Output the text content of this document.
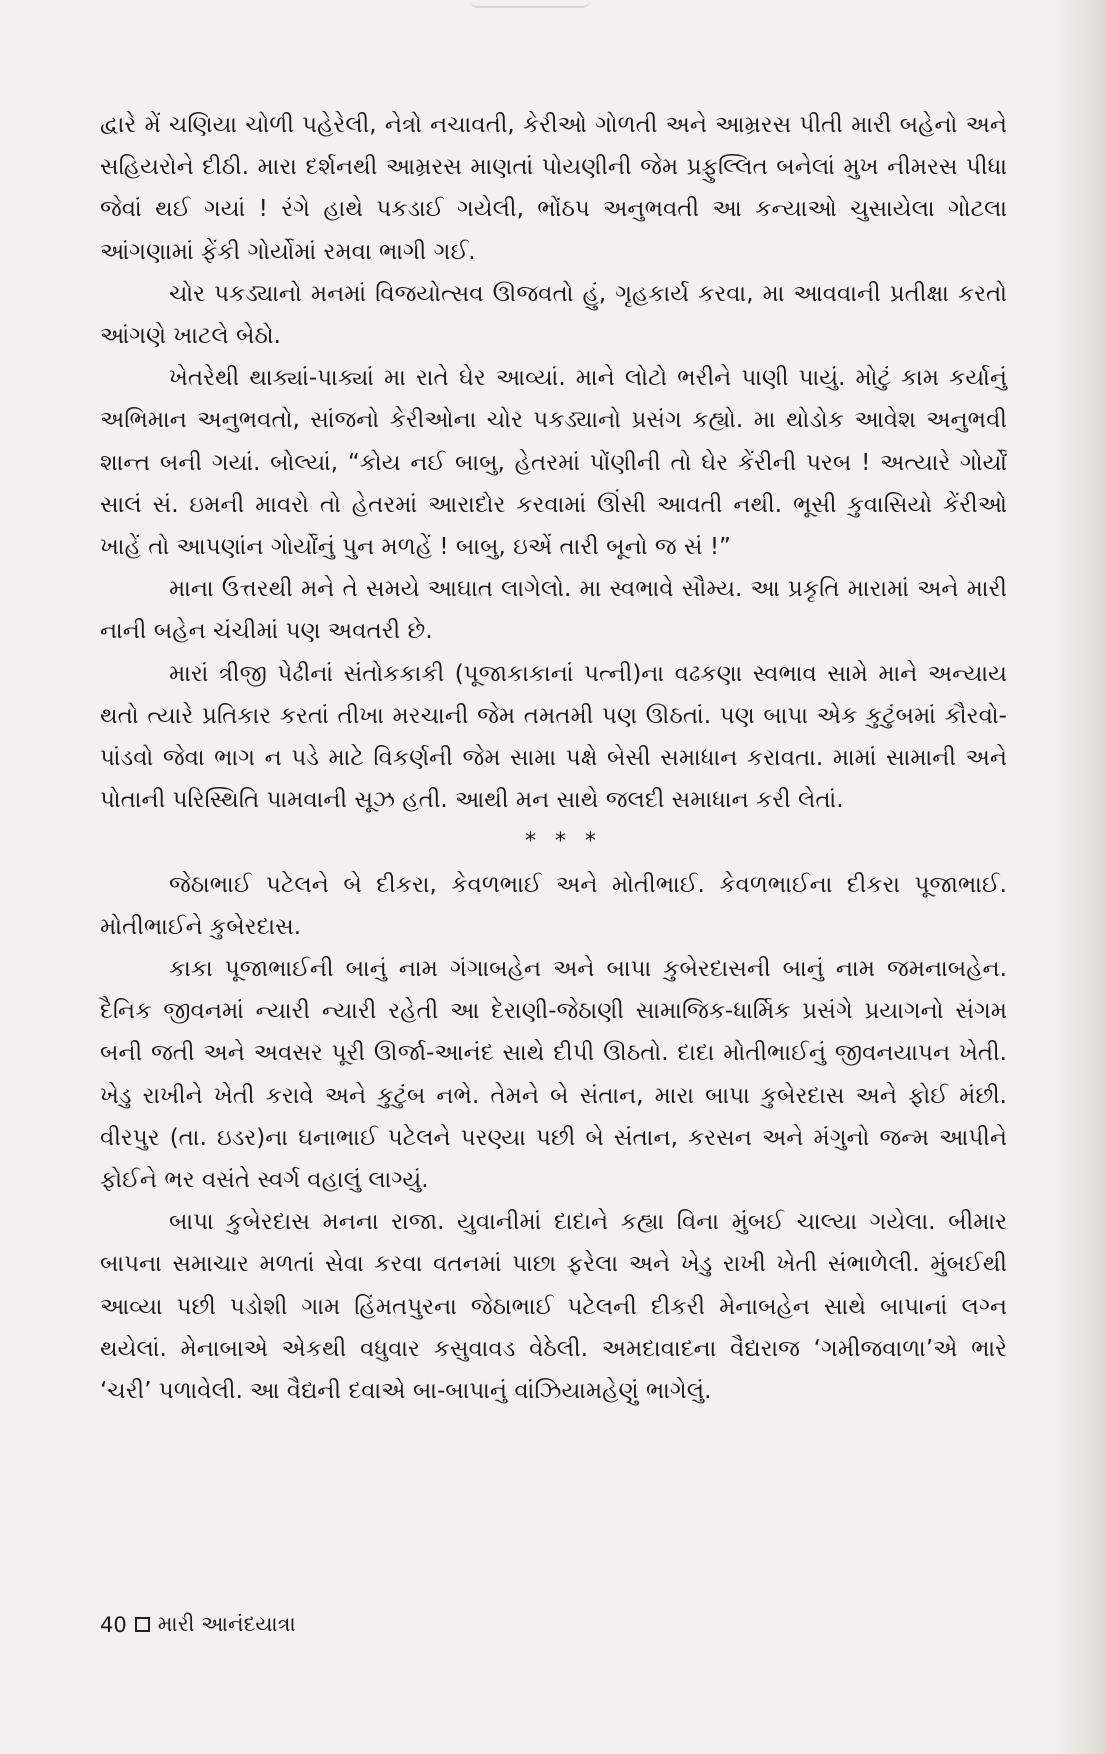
દ્વારે મેં ચણિયા ચોળી પહેરેલી, નેત્રો નચાવતી, કેરીઓ ગોળતી અને આમ્રરસ પીતી મારી બહેનો અને સહિયરોને દીઠી. મારા દર્શનથી આમ્રરસ માણતાં પોયણીની જેમ પ્રફુલ્લિત બનેલાં મુખ નીમરસ પીધા જેવાં થઈ ગયાં ! રંગે હાથે પકડાઈ ગયેલી, ભોંઠપ અનુભવતી આ કન્યાઓ ચુસાયેલા ગોટલા આંગણામાં ફેંકી ગોર્યોમાં રમવા ભાગી ગઈ.

ચોર પકડ્યાનો મનમાં વિજયોત્સવ ઊજવતો હું, ગૃહકાર્ય કરવા, મા આવવાની પ્રતીક્ષા કરતો આંગણે ખાટલે બેઠો.

ખેતરેથી થાક્યાં-પાક્યાં મા રાતે ઘેર આવ્યાં. માને લોટો ભરીને પાણી પાયું. મોટું કામ કર્યાનું અભિમાન અનુભવતો, સાંજનો કેરીઓના ચોર પકડ્યાનો પ્રસંગ કહ્યો. મા થોડોક આવેશ અનુભવી શાન્ત બની ગયાં. બોલ્યાં, “કોય નઈ બાબુ, હેતરમાં પોંણીની તો ઘેર કેંરીની પરબ ! અત્યારે ગોર્યોં સાલં સં. ઇમની માવરો તો હેતરમાં આરાદોર કરવામાં ઊંસી આવતી નથી. ભૂસી કુવાસિયો કેંરીઓ ખાહેં તો આપણાંન ગોર્યોંનું પુન મળહેં ! બાબુ, ઇએં તારી બૂનો જ સં !”

માના ઉત્તરથી મને તે સમયે આઘાત લાગેલો. મા સ્વભાવે સૌમ્ય. આ પ્રકૃતિ મારામાં અને મારી નાની બહેન ચંચીમાં પણ અવતરી છે.

મારાં ત્રીજી પેઢીનાં સંતોકકાકી (પૂજાકાકાનાં પત્ની)ના વઢકણા સ્વભાવ સામે માને અન્યાય થતો ત્યારે પ્રતિકાર કરતાં તીખા મરચાની જેમ તમતમી પણ ઊઠતાં. પણ બાપા એક કુટુંબમાં કૌરવો-પાંડવો જેવા ભાગ ન પડે માટે વિકર્ણની જેમ સામા પક્ષે બેસી સમાધાન કરાવતા. મામાં સામાની અને પોતાની પરિસ્થિતિ પામવાની સૂઝ હતી. આથી મન સાથે જલદી સમાધાન કરી લેતાં.

* * *

જેઠાભાઈ પટેલને બે દીકરા, કેવળભાઈ અને મોતીભાઈ. કેવળભાઈના દીકરા પૂજાભાઈ. મોતીભાઈને કુબેરદાસ.

કાકા પૂજાભાઈની બાનું નામ ગંગાબહેન અને બાપા કુબેરદાસની બાનું નામ જમનાબહેન. દૈનિક જીવનમાં ન્યારી ન્યારી રહેતી આ દેરાણી-જેઠાણી સામાજિક-ધાર્મિક પ્રસંગે પ્રયાગનો સંગમ બની જતી અને અવસર પૂરી ઊર્જા-આનંદ સાથે દીપી ઊઠતો. દાદા મોતીભાઈનું જીવનયાપન ખેતી. ખેડુ રાખીને ખેતી કરાવે અને કુટુંબ નભે. તેમને બે સંતાન, મારા બાપા કુબેરદાસ અને ફોઈ મંછી. વીરપુર (તા. ઇડર)ના ઘનાભાઈ પટેલને પરણ્યા પછી બે સંતાન, કરસન અને મંગુનો જન્મ આપીને ફોઈને ભર વસંતે સ્વર્ગ વહાલું લાગ્યું.

બાપા કુબેરદાસ મનના રાજા. યુવાનીમાં દાદાને કહ્યા વિના મુંબઈ ચાલ્યા ગયેલા. બીમાર બાપના સમાચાર મળતાં સેવા કરવા વતનમાં પાછા ફરેલા અને ખેડુ રાખી ખેતી સંભાળેલી. મુંબઈથી આવ્યા પછી પડોશી ગામ હિંમતપુરના જેઠાભાઈ પટેલની દીકરી મેનાબહેન સાથે બાપાનાં લગ્ન થયેલાં. મેનાબાએ એકથી વધુવાર કસુવાવડ વેઠેલી. અમદાવાદના વૈદ્યરાજ ‘ગમીજવાળા’એ ભારે ‘ચરી’ પળાવેલી. આ વૈદ્યની દવાએ બા-બાપાનું વાંઝિયામહેણું ભાગેલું.

40 મારી આનંદયાત્રા
